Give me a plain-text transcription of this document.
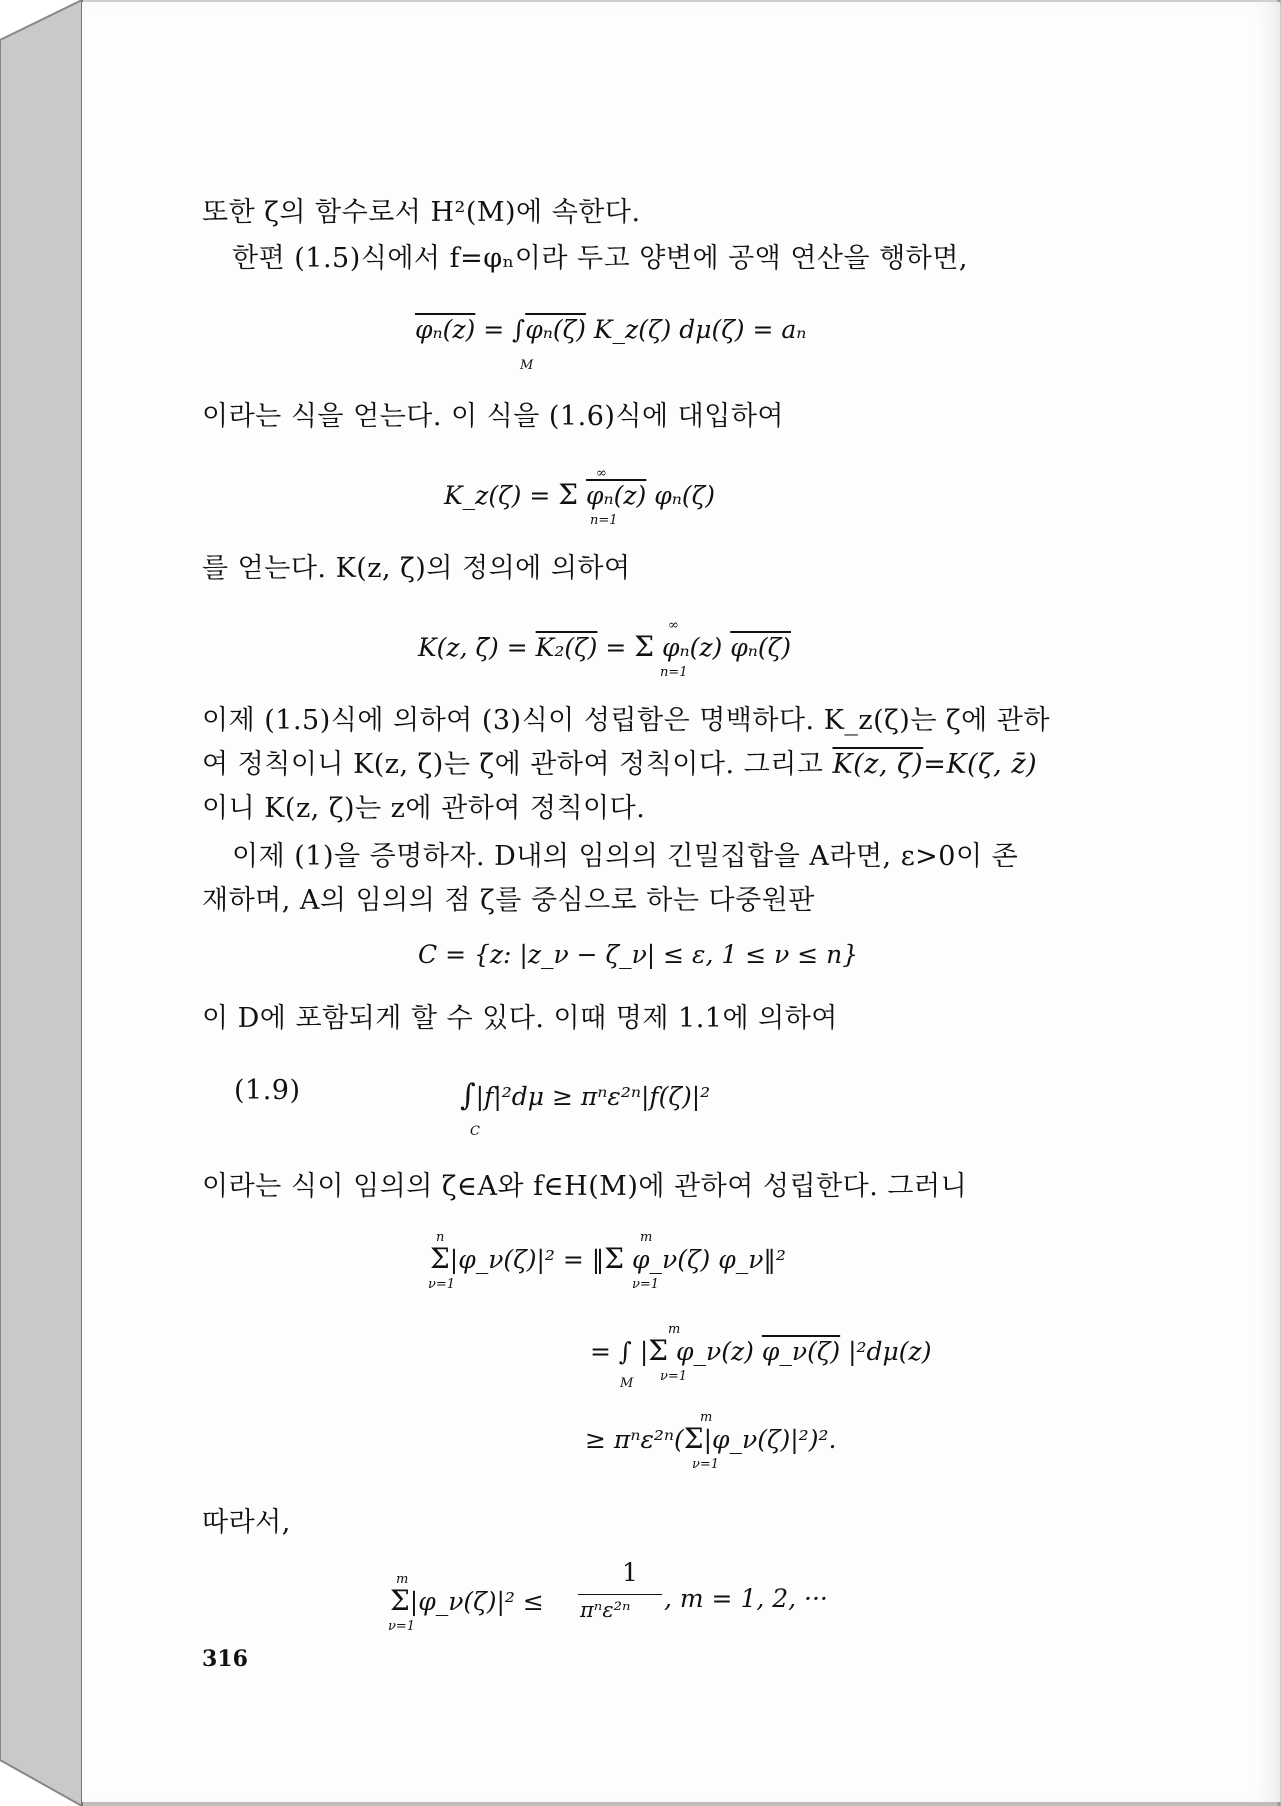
또한 ζ의 함수로서 H²(M)에 속한다.
한편 (1.5)식에서 f=φₙ이라 두고 양변에 공액 연산을 행하면,
φₙ(z) = ∫φₙ(ζ) K_z(ζ) dμ(ζ) = aₙ
M
이라는 식을 얻는다. 이 식을 (1.6)식에 대입하여
K_z(ζ) = Σ φₙ(z) φₙ(ζ)
∞
n=1
를 얻는다. K(z, ζ̄)의 정의에 의하여
K(z, ζ̄) = K₂(ζ) = Σ φₙ(z) φₙ(ζ)
∞
n=1
이제 (1.5)식에 의하여 (3)식이 성립함은 명백하다. K_z(ζ)는 ζ에 관하
여 정칙이니 K(z, ζ̄)는 ζ̄에 관하여 정칙이다. 그리고 K(z, ζ)=K(ζ, z̄)
이니 K(z, ζ)는 z에 관하여 정칙이다.
이제 (1)을 증명하자. D내의 임의의 긴밀집합을 A라면, ε>0이 존
재하며, A의 임의의 점 ζ를 중심으로 하는 다중원판
C = {z: |z_ν − ζ_ν| ≤ ε, 1 ≤ ν ≤ n}
이 D에 포함되게 할 수 있다. 이때 명제 1.1에 의하여
(1.9)	∫|f|²dμ ≥ πⁿε²ⁿ|f(ζ)|²
C
이라는 식이 임의의 ζ∈A와 f∈H(M)에 관하여 성립한다. 그러니
Σ|φ_ν(ζ)|² = ‖Σ φ_ν(ζ) φ_ν‖²
n
ν=1
m
ν=1
= ∫ |Σ φ_ν(z) φ_ν(ζ) |²dμ(z)
M
m
ν=1
≥ πⁿε²ⁿ(Σ|φ_ν(ζ)|²)².
m
ν=1
따라서,
Σ|φ_ν(ζ)|² ≤
m
ν=1
1
πⁿε²ⁿ , m = 1, 2, ···
316
